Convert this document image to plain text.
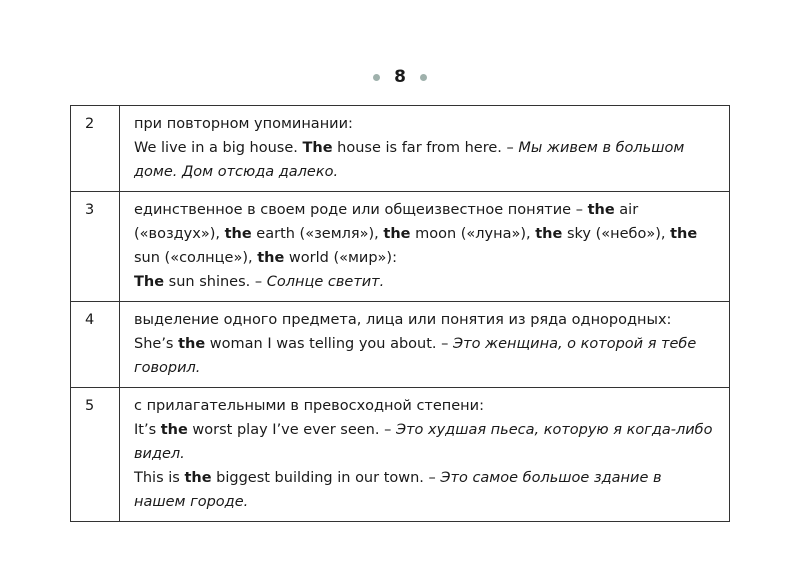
8
2	при повторном упоминании:
We live in a big house. The house is far from here. – Мы живем в большом доме. Дом отсюда далеко.
3	единственное в своем роде или общеизвестное понятие – the air («воздух»), the earth («земля»), the moon («луна»), the sky («небо»), the sun («солнце»), the world («мир»):
The sun shines. – Солнце светит.

4	выделение одного предмета, лица или понятия из ряда однородных:
She’s the woman I was telling you about. – Это женщина, о которой я тебе говорил.
5	с прилагательными в превосходной степени:
It’s the worst play I’ve ever seen. – Это худшая пьеса, которую я когда-либо видел.
This is the biggest building in our town. – Это самое большое здание в нашем городе.
